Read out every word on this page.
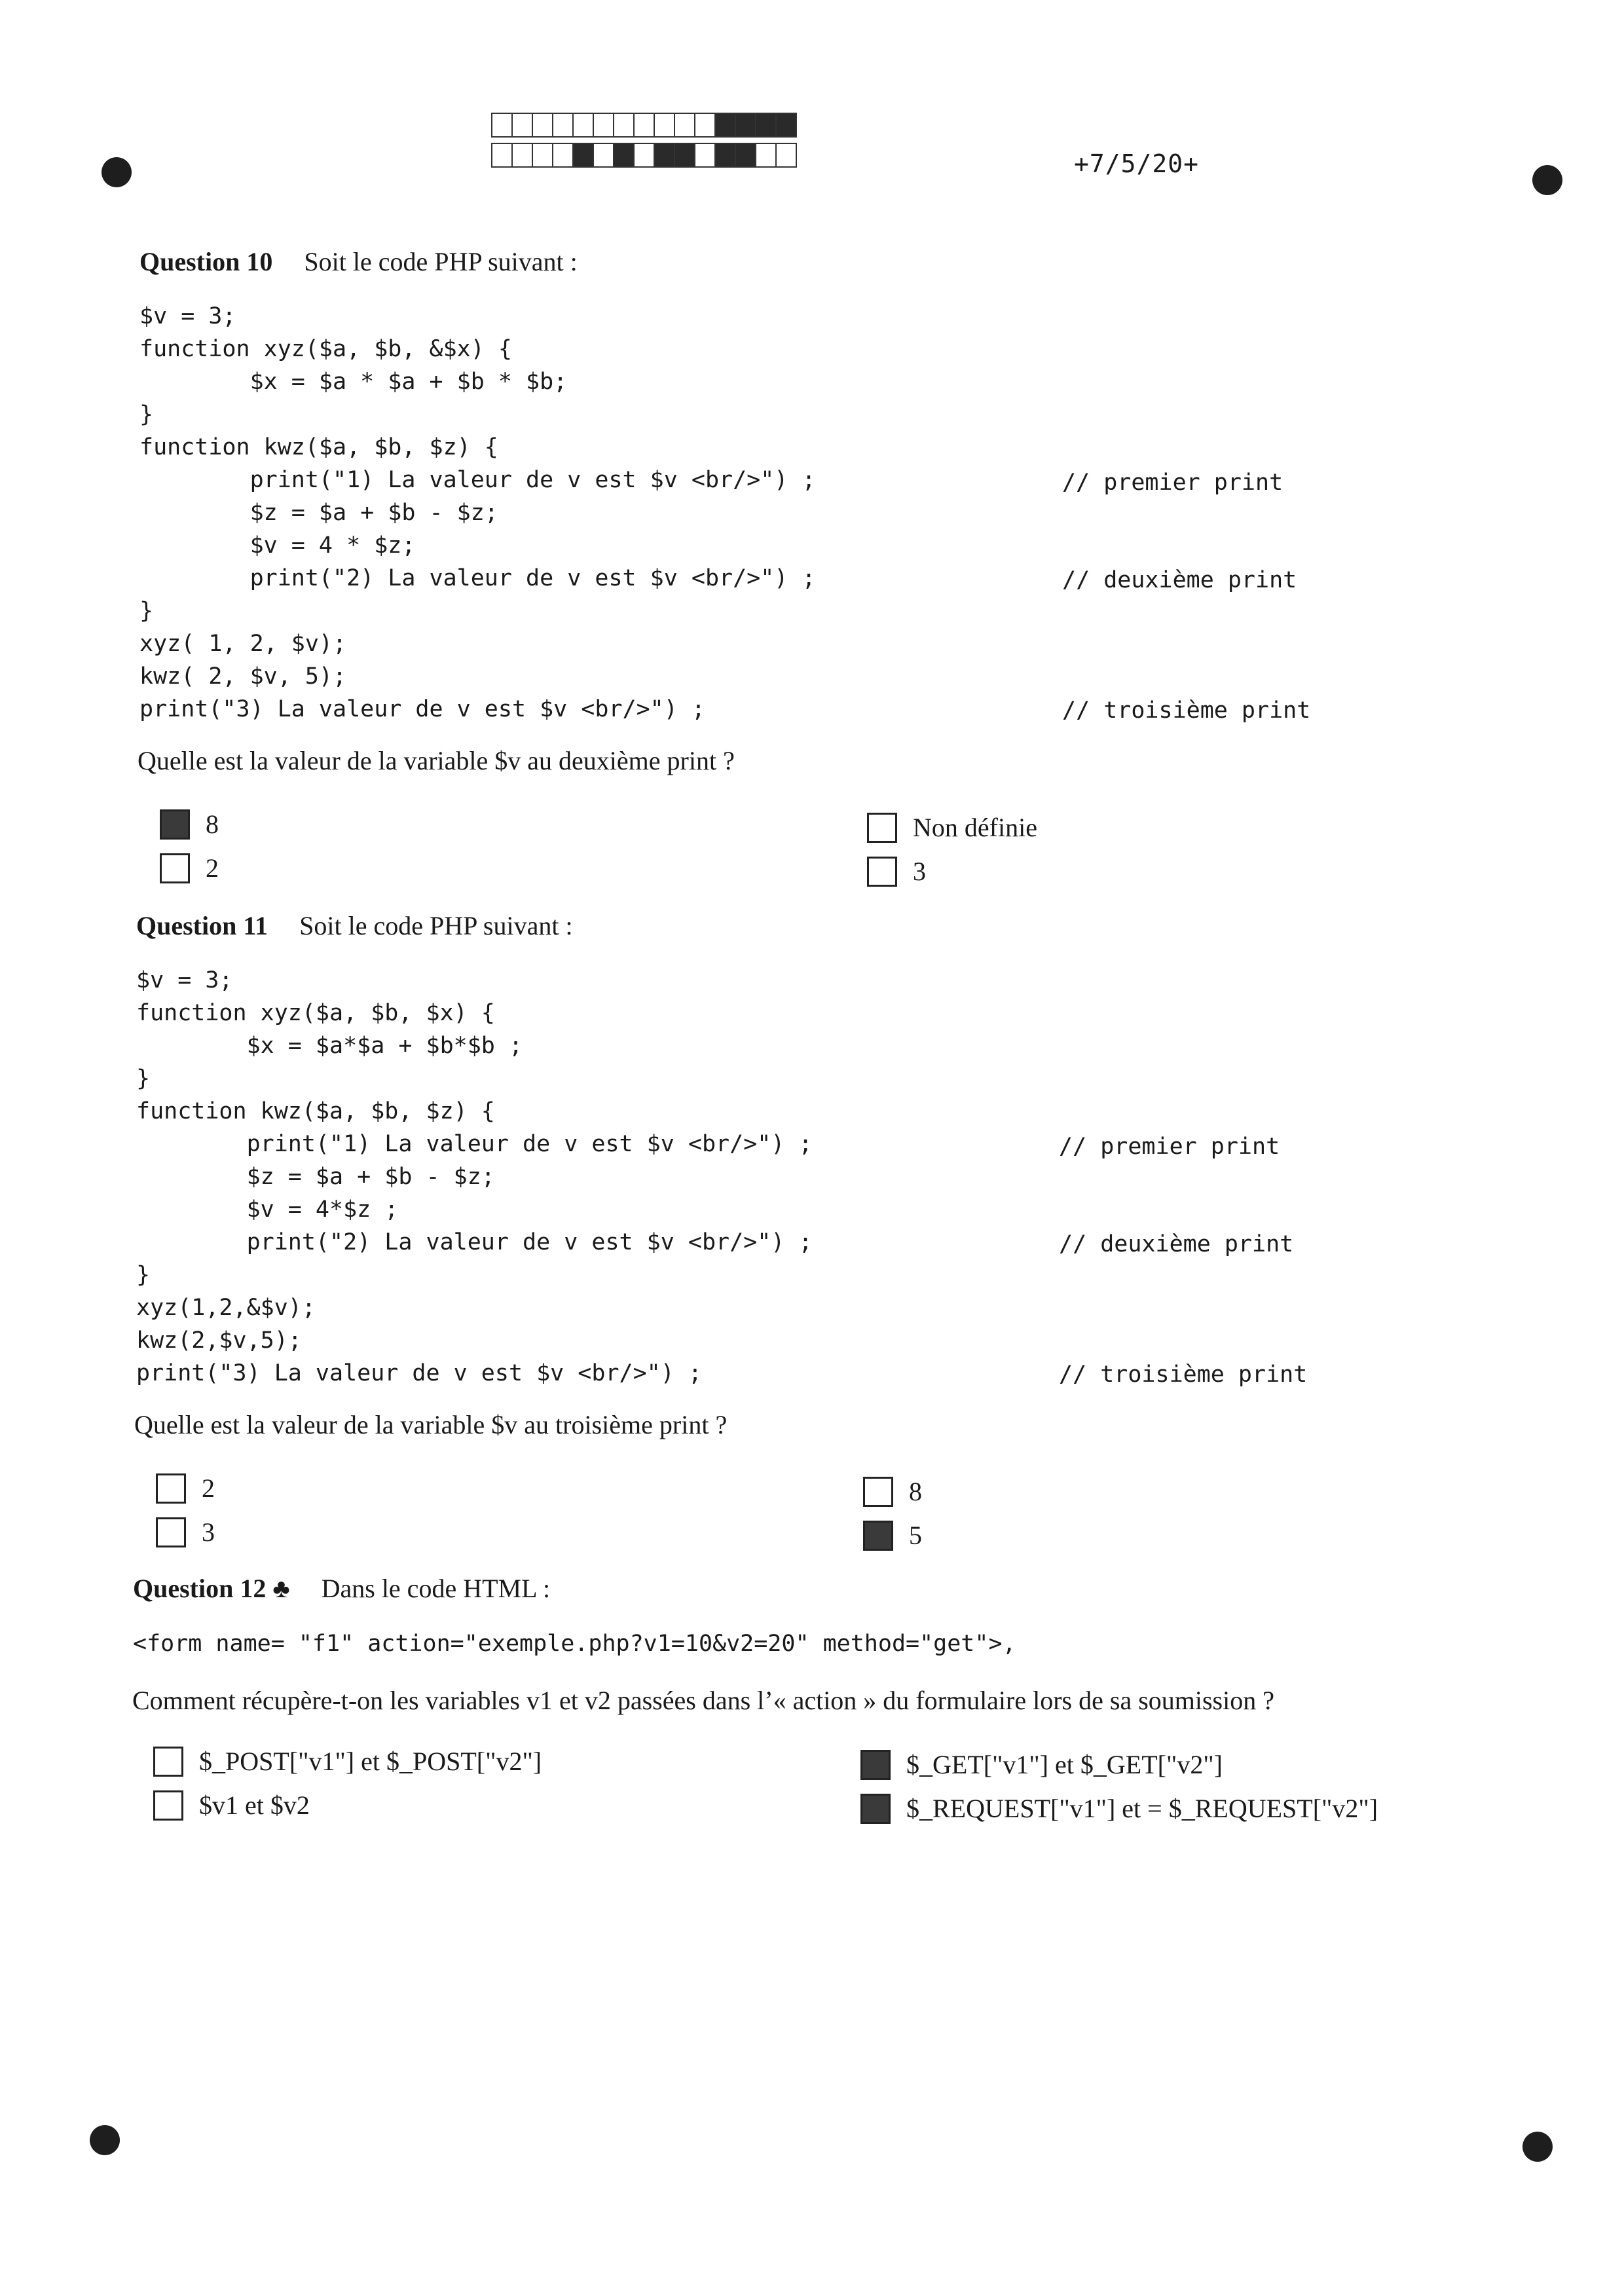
+7/5/20+
Question 10 Soit le code PHP suivant :
$v = 3;
function xyz($a, $b, &$x) {
$x = $a * $a + $b * $b;
}
function kwz($a, $b, $z) {
print("1) La valeur de v est $v <br/>") ;
$z = $a + $b - $z;
$v = 4 * $z;
print("2) La valeur de v est $v <br/>") ;
}
xyz( 1, 2, $v);
kwz( 2, $v, 5);
print("3) La valeur de v est $v <br/>") ;
// premier print
// deuxième print
// troisième print
Quelle est la valeur de la variable $v au deuxième print ?
8
2
Non définie
3
Question 11 Soit le code PHP suivant :
$v = 3;
function xyz($a, $b, $x) {
$x = $a*$a + $b*$b ;
}
function kwz($a, $b, $z) {
print("1) La valeur de v est $v <br/>") ;
$z = $a + $b - $z;
$v = 4*$z ;
print("2) La valeur de v est $v <br/>") ;
}
xyz(1,2,&$v);
kwz(2,$v,5);
print("3) La valeur de v est $v <br/>") ;
// premier print
// deuxième print
// troisième print
Quelle est la valeur de la variable $v au troisième print ?
2
3
8
5
Question 12 ♣ Dans le code HTML :
<form name= "f1" action="exemple.php?v1=10&v2=20" method="get">,
Comment récupère-t-on les variables v1 et v2 passées dans l’« action » du formulaire lors de sa soumission ?
$_POST["v1"] et $_POST["v2"]
$v1 et $v2
$_GET["v1"] et $_GET["v2"]
$_REQUEST["v1"] et = $_REQUEST["v2"]
